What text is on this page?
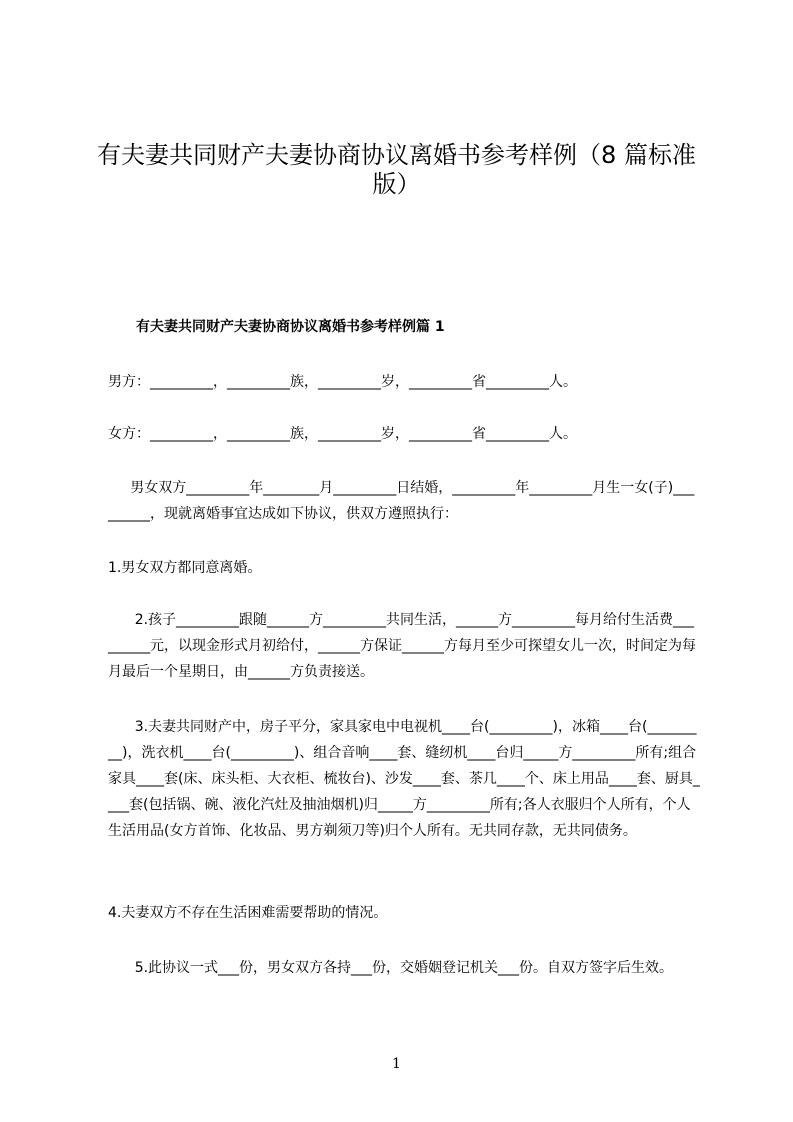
有夫妻共同财产夫妻协商协议离婚书参考样例（8 篇标准版）
有夫妻共同财产夫妻协商协议离婚书参考样例篇 1

男方：_________，_________族，_________岁，_________省_________人。

女方：_________，_________族，_________岁，_________省_________人。

男女双方_________年________月_________日结婚，_________年_________月生一女(子)_________，现就离婚事宜达成如下协议，供双方遵照执行：

1.男女双方都同意离婚。

2.孩子_________跟随______方_________共同生活，______方_________每月给付生活费_________元，以现金形式月初给付，______方保证______方每月至少可探望女儿一次，时间定为每月最后一个星期日，由______方负责接送。

3.夫妻共同财产中，房子平分，家具家电中电视机____台(_________)，冰箱____台(_________)，洗衣机____台(_________)、组合音响____套、缝纫机____台归_____方_________所有;组合家具____套(床、床头柜、大衣柜、梳妆台)、沙发____套、茶几____个、床上用品____套、厨具____套(包括锅、碗、液化汽灶及抽油烟机)归_____方_________所有;各人衣服归个人所有，个人生活用品(女方首饰、化妆品、男方剃须刀等)归个人所有。无共同存款，无共同债务。

4.夫妻双方不存在生活困难需要帮助的情况。

5.此协议一式___份，男女双方各持___份，交婚姻登记机关___份。自双方签字后生效。

1
